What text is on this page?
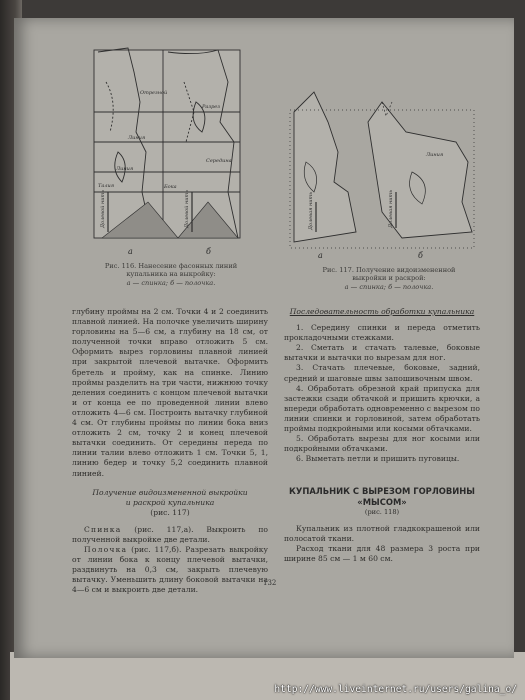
Отрезной
Разрез
Линия
Талия	Бока
Долевой нить	Долевой нить
Середина
Линия
а	б
Рис. 116. Нанесение фасонных линий
купальника на выкройку:
а — спинка; б — полочка.
Долевая нить	Долевая нить
Линия
а	б
Рис. 117. Получение видоизмененной
выкройки и раскрой:
а — спинка; б — полочка.

глубину проймы на 2 см. Точки 4 и 2 соединить плавной линией. На полочке увеличить ширину горловины на 5—6 см, а глубину на 18 см, от полученной точки вправо отложить 5 см. Оформить вырез горловины плавной линией при закрытой плечевой вытачке. Оформить бретель и пройму, как на спинке. Линию проймы разделить на три части, нижнюю точку деления соединить с концом плечевой вытачки и от конца ее по проведенной линии влево отложить 4—6 см. Построить вытачку глубиной 4 см. От глубины проймы по линии бока вниз отложить 2 см, точку 2 и конец плечевой вытачки соединить. От середины переда по линии талии влево отложить 1 см. Точки 5, 1, линию бедер и точку 5,2 соединить плавной линией.

Получение видоизмененной выкройки

и раскрой купальника

(рис. 117)

Спинка (рис. 117,а). Выкроить по полученной выкройке две детали.

Полочка (рис. 117,б). Разрезать выкройку от линии бока к концу плечевой вытачки, раздвинуть на 0,3 см, закрыть плечевую вытачку. Уменьшить длину боковой вытачки на 4—6 см и выкроить две детали.

Последовательность обработки купальника

1. Середину спинки и переда отметить прокладочными стежками.

2. Сметать и стачать талевые, боковые вытачки и вытачки по вырезам для ног.

3. Стачать плечевые, боковые, задний, средний и шаговые швы запошивочным швом.

4. Обработать обрезной край припуска для застежки сзади обтачкой и пришить крючки, а впереди обработать одновременно с вырезом по линии спинки и горловиной, затем обработать проймы подкройными или косыми обтачками.

5. Обработать вырезы для ног косыми или подкройными обтачками.

6. Выметать петли и пришить пуговицы.

КУПАЛЬНИК С ВЫРЕЗОМ ГОРЛОВИНЫ

«МЫСОМ»

(рис. 118)

Купальник из плотной гладкокрашеной или полосатой ткани.

Расход ткани для 48 размера 3 роста при ширине 85 см — 1 м 60 см.

132
http://www.liveinternet.ru/users/galina_o/
